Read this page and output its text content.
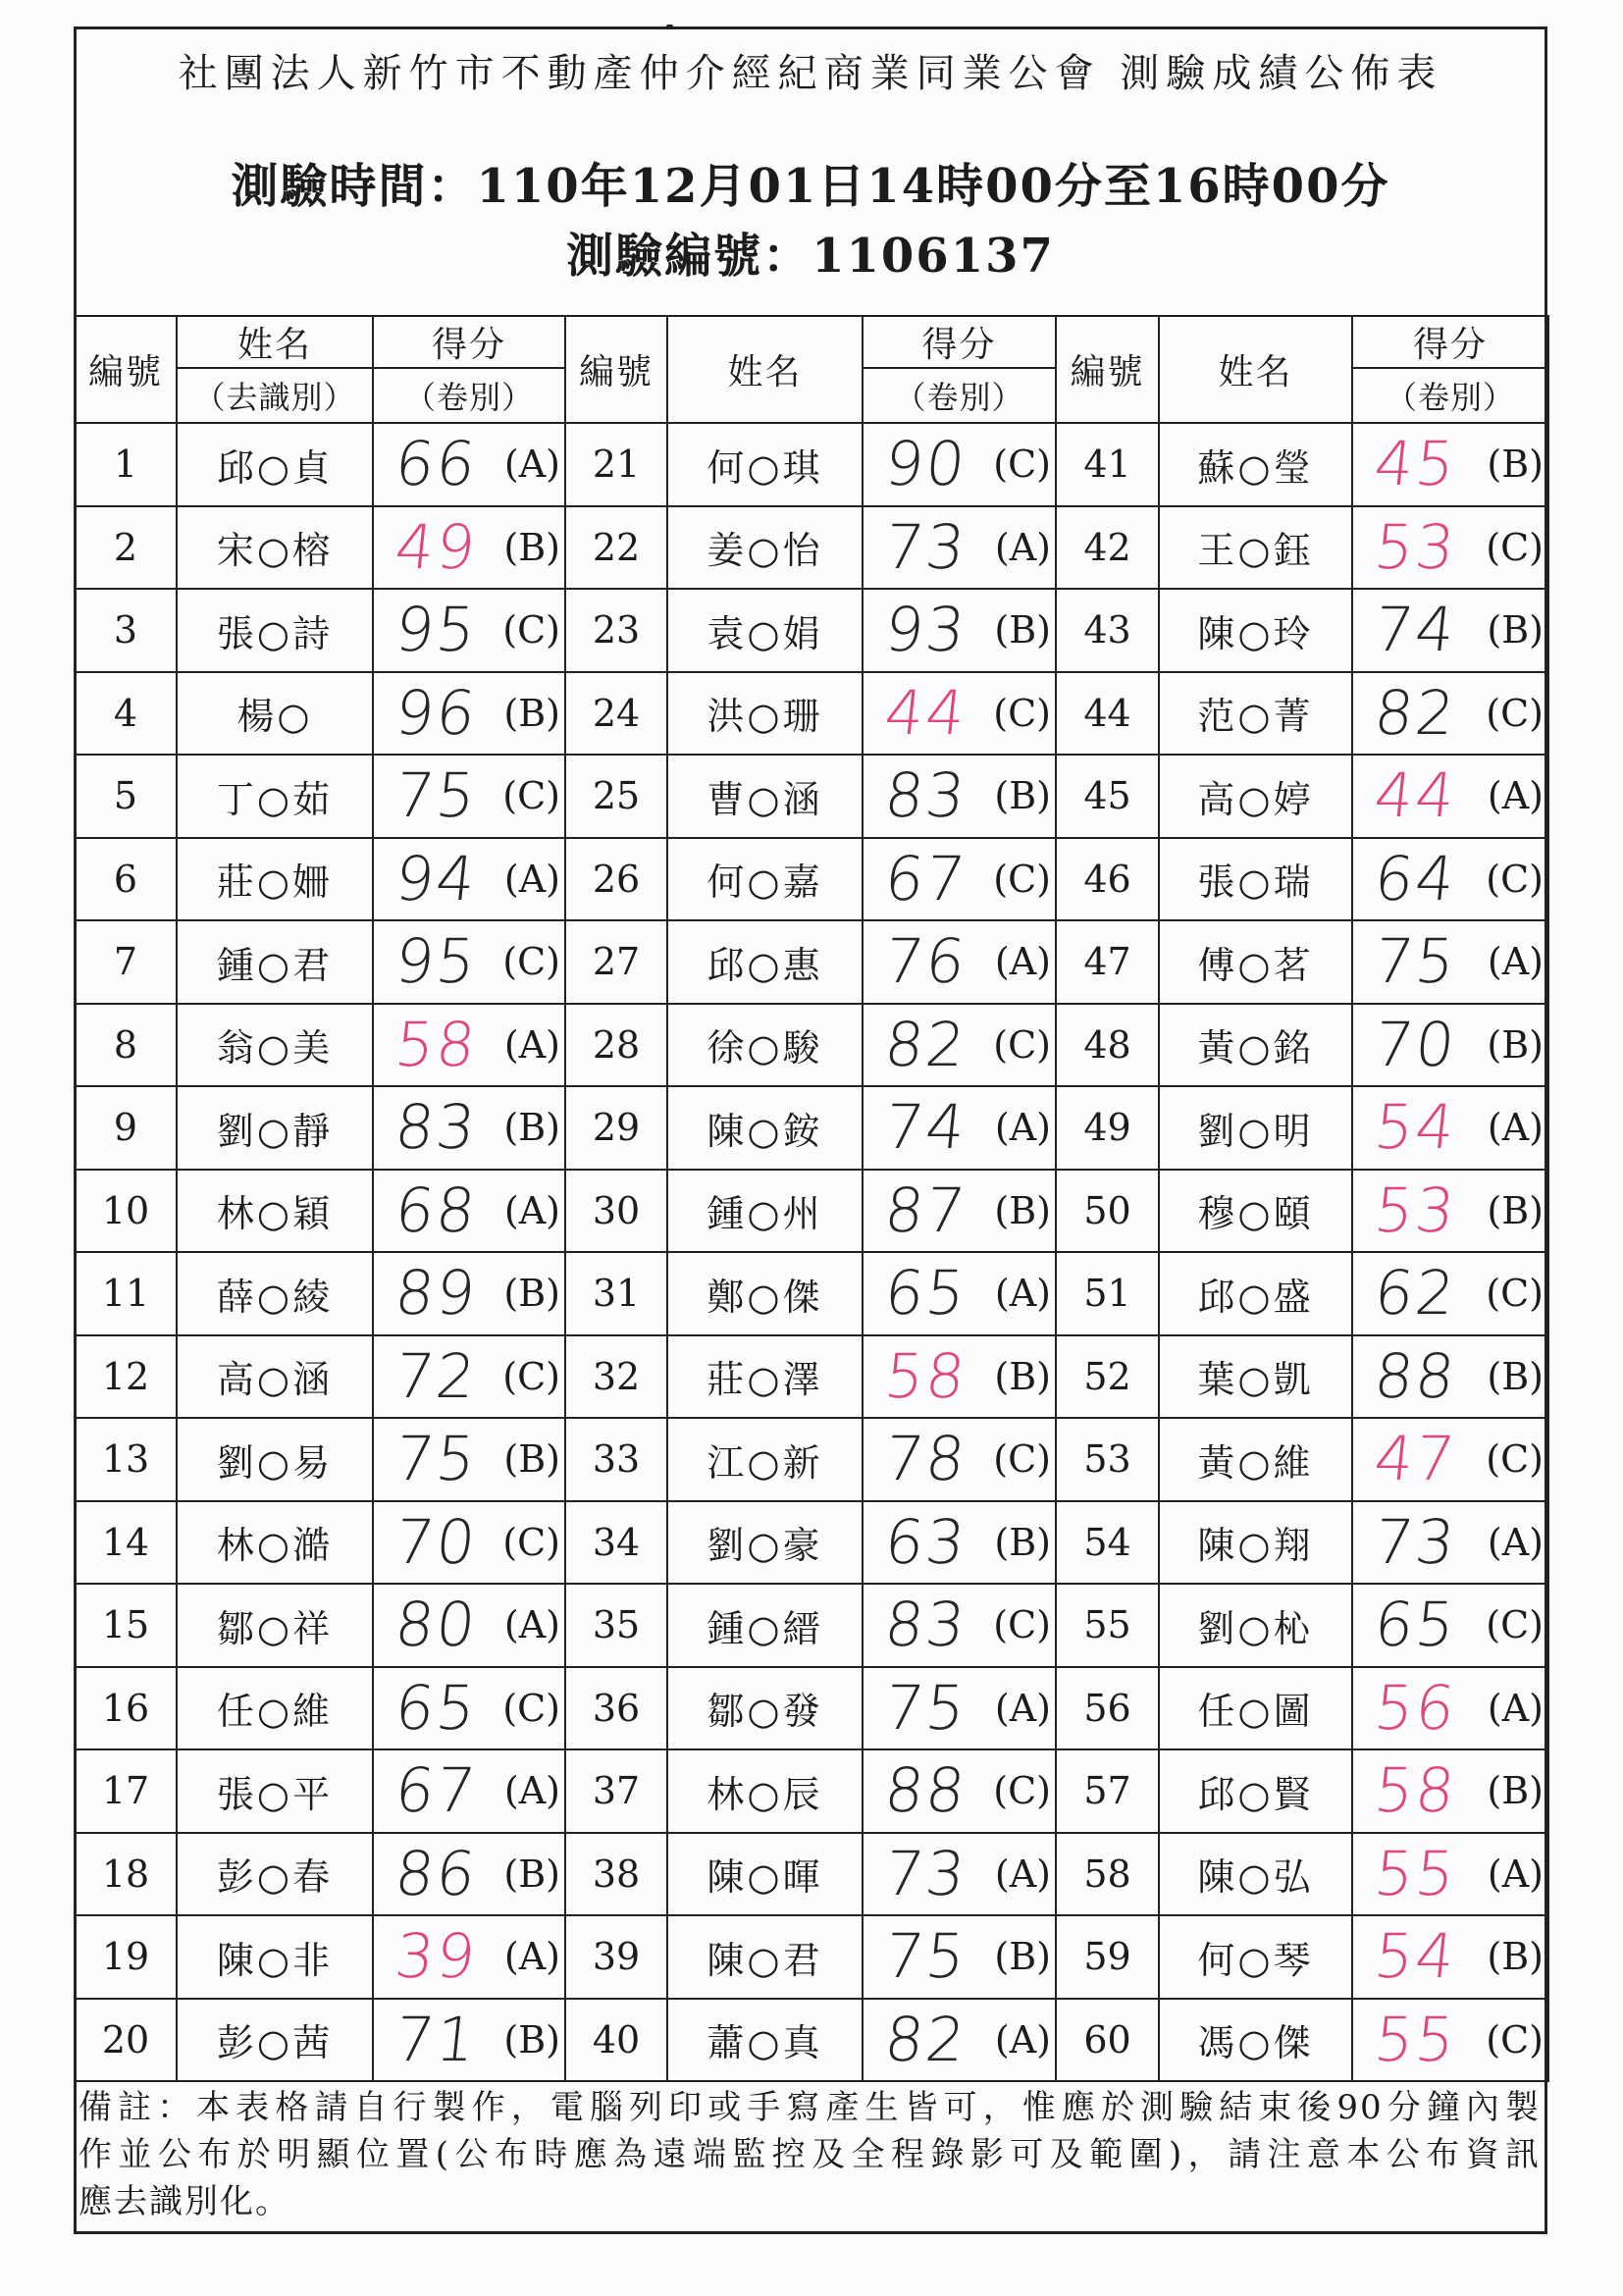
社團法人新竹市不動產仲介經紀商業同業公會 測驗成績公佈表
測驗時間：110年12月01日14時00分至16時00分
測驗編號：1106137
編號	姓名	得分	編號	姓名	得分	編號	姓名	得分
	（去識別）	（卷別）			（卷別）			（卷別）
1	邱○貞	66 (A)	21	何○琪	90 (C)	41	蘇○瑩	45 (B)

2	宋○榕	49 (B)	22	姜○怡	73 (A)	42	王○鈺	53 (C)

3	張○詩	95 (C)	23	袁○娟	93 (B)	43	陳○玲	74 (B)

4	楊○	96 (B)	24	洪○珊	44 (C)	44	范○菁	82 (C)

5	丁○茹	75 (C)	25	曹○涵	83 (B)	45	高○婷	44 (A)

6	莊○姍	94 (A)	26	何○嘉	67 (C)	46	張○瑞	64 (C)

7	鍾○君	95 (C)	27	邱○惠	76 (A)	47	傅○茗	75 (A)

8	翁○美	58 (A)	28	徐○駿	82 (C)	48	黃○銘	70 (B)

9	劉○靜	83 (B)	29	陳○銨	74 (A)	49	劉○明	54 (A)

10	林○穎	68 (A)	30	鍾○州	87 (B)	50	穆○頤	53 (B)

11	薛○綾	89 (B)	31	鄭○傑	65 (A)	51	邱○盛	62 (C)

12	高○涵	72 (C)	32	莊○澤	58 (B)	52	葉○凱	88 (B)

13	劉○易	75 (B)	33	江○新	78 (C)	53	黃○維	47 (C)

14	林○澔	70 (C)	34	劉○豪	63 (B)	54	陳○翔	73 (A)

15	鄒○祥	80 (A)	35	鍾○縉	83 (C)	55	劉○杺	65 (C)

16	任○維	65 (C)	36	鄒○發	75 (A)	56	任○圖	56 (A)

17	張○平	67 (A)	37	林○辰	88 (C)	57	邱○賢	58 (B)

18	彭○春	86 (B)	38	陳○暉	73 (A)	58	陳○弘	55 (A)

19	陳○非	39 (A)	39	陳○君	75 (B)	59	何○琴	54 (B)

20	彭○茜	71 (B)	40	蕭○真	82 (A)	60	馮○傑	55 (C)
備註：本表格請自行製作，電腦列印或手寫產生皆可，惟應於測驗結束後90分鐘內製
作並公布於明顯位置(公布時應為遠端監控及全程錄影可及範圍)，請注意本公布資訊
應去識別化。
